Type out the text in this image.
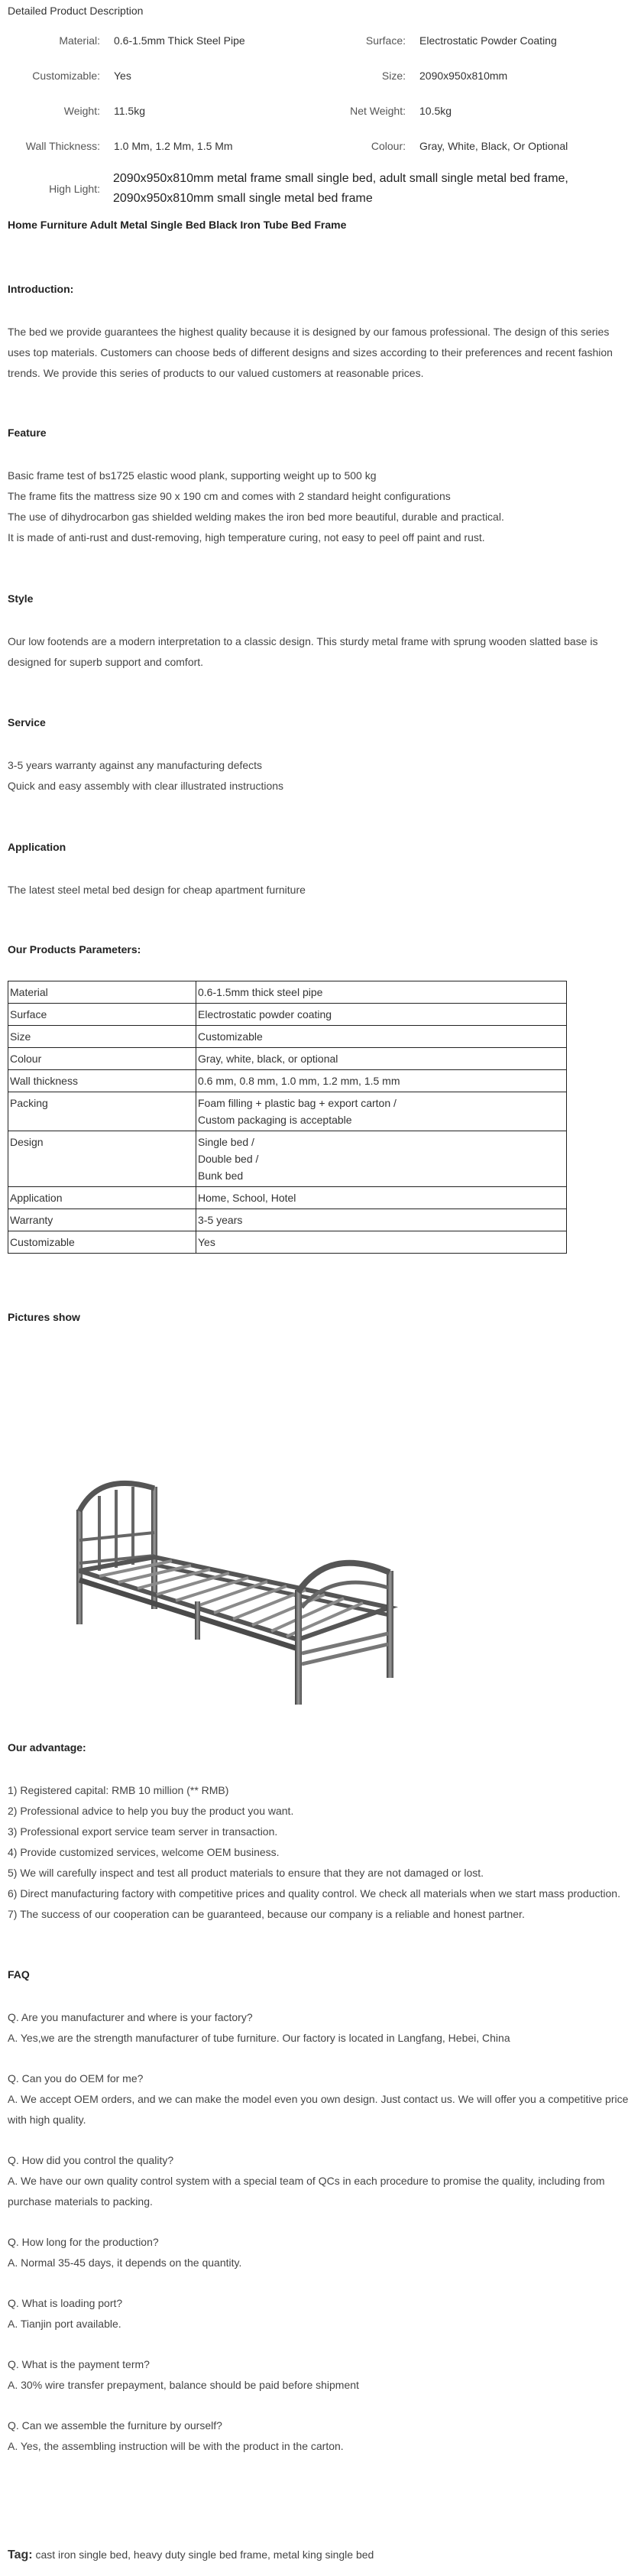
Detailed Product Description
Material:	0.6-1.5mm Thick Steel Pipe	Surface:	Electrostatic Powder Coating
Customizable:	Yes	Size:	2090x950x810mm
Weight:	11.5kg	Net Weight:	10.5kg
Wall Thickness:	1.0 Mm, 1.2 Mm, 1.5 Mm	Colour:	Gray, White, Black, Or Optional
High Light:	2090x950x810mm metal frame small single bed, adult small single metal bed frame,
2090x950x810mm small single metal bed frame		
Home Furniture Adult Metal Single Bed Black Iron Tube Bed Frame
Introduction:

The bed we provide guarantees the highest quality because it is designed by our famous professional. The design of this series uses top materials. Customers can choose beds of different designs and sizes according to their preferences and recent fashion trends. We provide this series of products to our valued customers at reasonable prices.

Feature

Basic frame test of bs1725 elastic wood plank, supporting weight up to 500 kg

The frame fits the mattress size 90 x 190 cm and comes with 2 standard height configurations

The use of dihydrocarbon gas shielded welding makes the iron bed more beautiful, durable and practical.

It is made of anti-rust and dust-removing, high temperature curing, not easy to peel off paint and rust.

Style

Our low footends are a modern interpretation to a classic design. This sturdy metal frame with sprung wooden slatted base is designed for superb support and comfort.

Service

3-5 years warranty against any manufacturing defects

Quick and easy assembly with clear illustrated instructions

Application

The latest steel metal bed design for cheap apartment furniture

Our Products Parameters:
Material	0.6-1.5mm thick steel pipe

Surface	Electrostatic powder coating

Size	Customizable

Colour	Gray, white, black, or optional

Wall thickness	0.6 mm, 0.8 mm, 1.0 mm, 1.2 mm, 1.5 mm

Packing	Foam filling + plastic bag + export carton /
Custom packaging is acceptable

Design	Single bed /
Double bed /
Bunk bed

Application	Home, School, Hotel

Warranty	3-5 years

Customizable	Yes
Pictures show
Our advantage:

1) Registered capital: RMB 10 million (** RMB)

2) Professional advice to help you buy the product you want.

3) Professional export service team server in transaction.

4) Provide customized services, welcome OEM business.

5) We will carefully inspect and test all product materials to ensure that they are not damaged or lost.

6) Direct manufacturing factory with competitive prices and quality control. We check all materials when we start mass production.

7) The success of our cooperation can be guaranteed, because our company is a reliable and honest partner.

FAQ

Q. Are you manufacturer and where is your factory?

A. Yes,we are the strength manufacturer of tube furniture. Our factory is located in Langfang, Hebei, China

Q. Can you do OEM for me?

A. We accept OEM orders, and we can make the model even you own design. Just contact us. We will offer you a competitive price with high quality.

Q. How did you control the quality?

A. We have our own quality control system with a special team of QCs in each procedure to promise the quality, including from purchase materials to packing.

Q. How long for the production?

A. Normal 35-45 days, it depends on the quantity.

Q. What is loading port?

A. Tianjin port available.

Q. What is the payment term?

A. 30% wire transfer prepayment, balance should be paid before shipment

Q. Can we assemble the furniture by ourself?

A. Yes, the assembling instruction will be with the product in the carton.

Tag: cast iron single bed, heavy duty single bed frame, metal king single bed
